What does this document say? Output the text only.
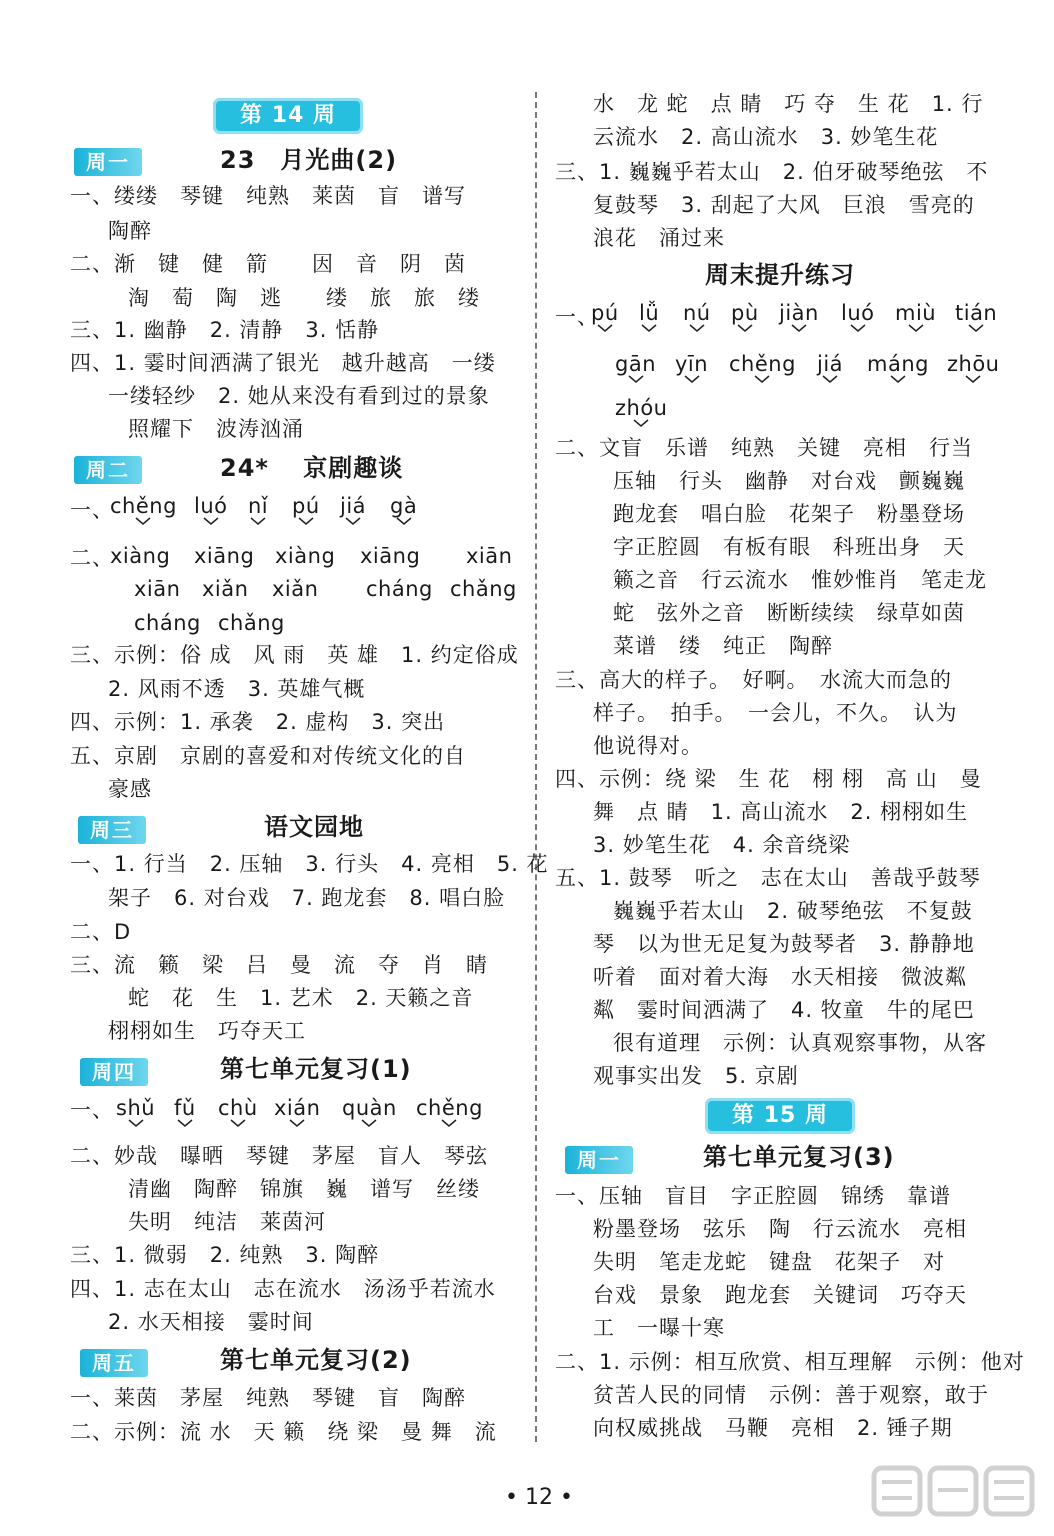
第 14 周
周一	23　月光曲(2)
一、缕缕　琴键　纯熟　莱茵　盲　谱写
陶醉
二、渐　键　健　箭　　因　音　阴　茵
淘　萄　陶　逃　　缕　旅　旅　缕
三、1. 幽静　2. 清静　3. 恬静
四、1. 霎时间洒满了银光　越升越高　一缕
一缕轻纱　2. 她从来没有看到过的景象
照耀下　波涛汹涌
周二	24* 　京剧趣谈
一、
chěng luó nǐ pú jiá gà
二、
xiàng xiāng xiàng xiāng xiān
xiān xiǎn xiǎn cháng chǎng
cháng chǎng
三、示例：俗 成　风 雨　英 雄　1. 约定俗成
2. 风雨不透　3. 英雄气概
四、示例：1. 承袭　2. 虚构　3. 突出
五、京剧　京剧的喜爱和对传统文化的自
豪感
周三	语文园地
一、1. 行当　2. 压轴　3. 行头　4. 亮相　5. 花
架子　6. 对台戏　7. 跑龙套　8. 唱白脸
二、D
三、流　籁　梁　吕　曼　流　夺　肖　睛
蛇　花　生　1. 艺术　2. 天籁之音
栩栩如生　巧夺天工
周四	第七单元复习(1)
一、 shǔ fǔ chù xián quàn chěng
二、妙哉　曝晒　琴键　茅屋　盲人　琴弦
清幽　陶醉　锦旗　巍　谱写　丝缕
失明　纯洁　莱茵河
三、1. 微弱　2. 纯熟　3. 陶醉
四、1. 志在太山　志在流水　汤汤乎若流水
2. 水天相接　霎时间
周五	第七单元复习(2)
一、莱茵　茅屋　纯熟　琴键　盲　陶醉
二、示例：流 水　天 籁　绕 梁　曼 舞　流
水　龙 蛇　点 睛　巧 夺　生 花　1. 行
云流水　2. 高山流水　3. 妙笔生花
三、1. 巍巍乎若太山　2. 伯牙破琴绝弦　不
复鼓琴　3. 刮起了大风　巨浪　雪亮的
浪花　涌过来
周末提升练习
一、
pú lǚ nú pù jiàn luó miù tián
gān yīn chěng jiá máng zhōu
zhóu
二、文盲　乐谱　纯熟　关键　亮相　行当
压轴　行头　幽静　对台戏　颤巍巍
跑龙套　唱白脸　花架子　粉墨登场
字正腔圆　有板有眼　科班出身　天
籁之音　行云流水　惟妙惟肖　笔走龙
蛇　弦外之音　断断续续　绿草如茵
菜谱　缕　纯正　陶醉
三、高大的样子。　好啊。　水流大而急的
样子。　拍手。　一会儿，不久。　认为
他说得对。
四、示例：绕 梁　生 花　栩 栩　高 山　曼
舞　点 睛　1. 高山流水　2. 栩栩如生
3. 妙笔生花　4. 余音绕梁
五、1. 鼓琴　听之　志在太山　善哉乎鼓琴
巍巍乎若太山　2. 破琴绝弦　不复鼓
琴　以为世无足复为鼓琴者　3. 静静地
听着　面对着大海　水天相接　微波粼
粼　霎时间洒满了　4. 牧童　牛的尾巴
很有道理　示例：认真观察事物，从客
观事实出发　5. 京剧
第 15 周
周一	第七单元复习(3)
一、压轴　盲目　字正腔圆　锦绣　靠谱
粉墨登场　弦乐　陶　行云流水　亮相
失明　笔走龙蛇　键盘　花架子　对
台戏　景象　跑龙套　关键词　巧夺天
工　一曝十寒
二、1. 示例：相互欣赏、相互理解　示例：他对
贫苦人民的同情　示例：善于观察，敢于
向权威挑战　马鞭　亮相　2. 锤子期
• 12 •
